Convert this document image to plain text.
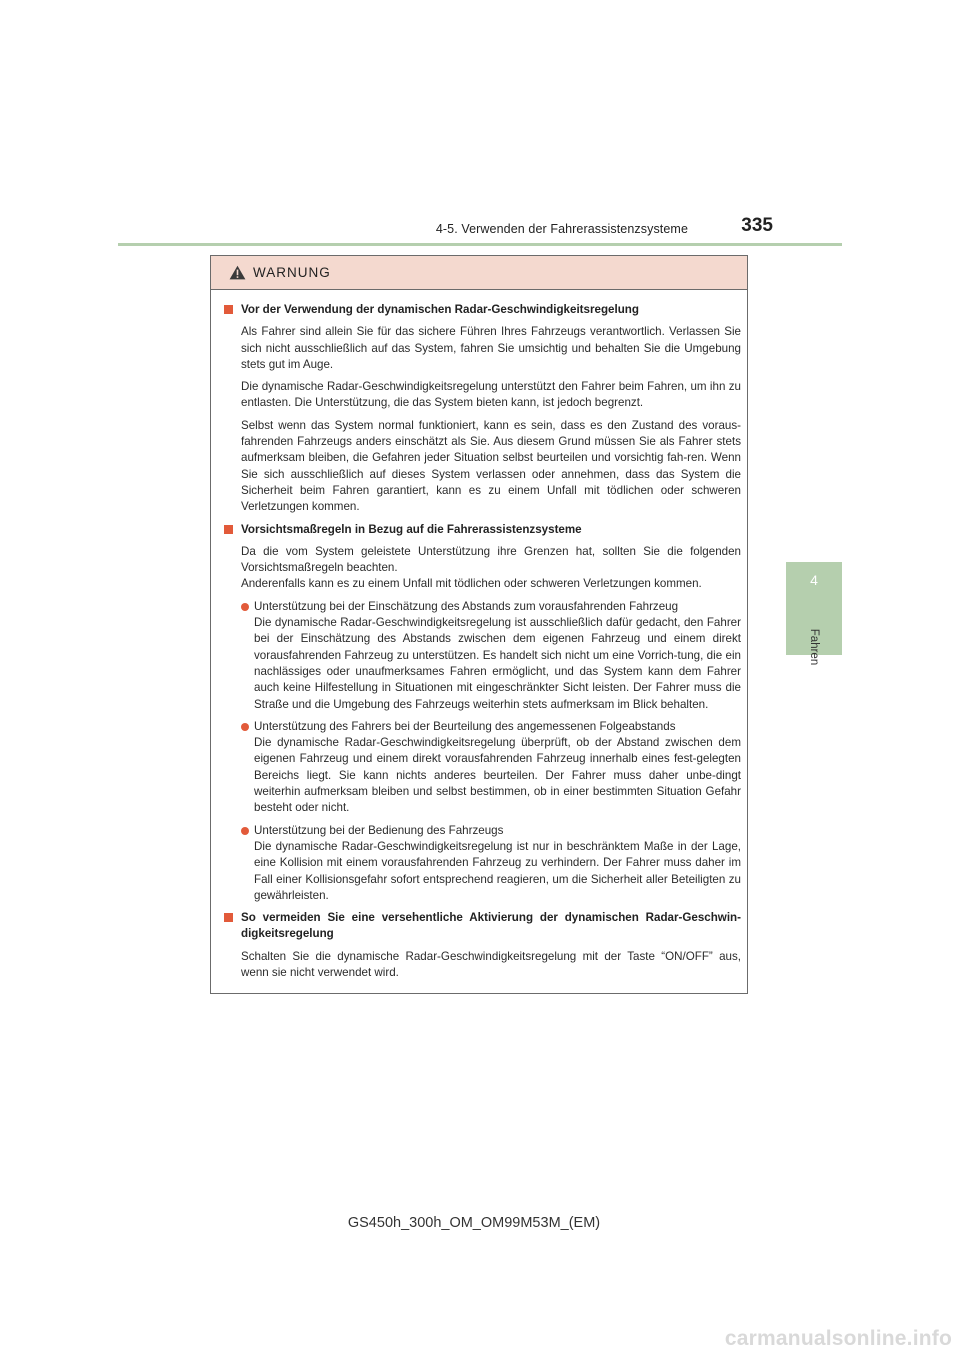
4-5. Verwenden der Fahrerassistenzsysteme	335
4
Fahren
WARNUNG
Vor der Verwendung der dynamischen Radar-Geschwindigkeitsregelung

Als Fahrer sind allein Sie für das sichere Führen Ihres Fahrzeugs verantwortlich. Verlassen Sie sich nicht ausschließlich auf das System, fahren Sie umsichtig und behalten Sie die Umgebung stets gut im Auge.

Die dynamische Radar-Geschwindigkeitsregelung unterstützt den Fahrer beim Fahren, um ihn zu entlasten. Die Unterstützung, die das System bieten kann, ist jedoch begrenzt.

Selbst wenn das System normal funktioniert, kann es sein, dass es den Zustand des voraus-fahrenden Fahrzeugs anders einschätzt als Sie. Aus diesem Grund müssen Sie als Fahrer stets aufmerksam bleiben, die Gefahren jeder Situation selbst beurteilen und vorsichtig fah-ren. Wenn Sie sich ausschließlich auf dieses System verlassen oder annehmen, dass das System die Sicherheit beim Fahren garantiert, kann es zu einem Unfall mit tödlichen oder schweren Verletzungen kommen.

Vorsichtsmaßregeln in Bezug auf die Fahrerassistenzsysteme

Da die vom System geleistete Unterstützung ihre Grenzen hat, sollten Sie die folgenden Vorsichtsmaßregeln beachten.

Anderenfalls kann es zu einem Unfall mit tödlichen oder schweren Verletzungen kommen.

Unterstützung bei der Einschätzung des Abstands zum vorausfahrenden Fahrzeug
Die dynamische Radar-Geschwindigkeitsregelung ist ausschließlich dafür gedacht, den Fahrer bei der Einschätzung des Abstands zwischen dem eigenen Fahrzeug und einem direkt vorausfahrenden Fahrzeug zu unterstützen. Es handelt sich nicht um eine Vorrich-tung, die ein nachlässiges oder unaufmerksames Fahren ermöglicht, und das System kann dem Fahrer auch keine Hilfestellung in Situationen mit eingeschränkter Sicht leisten. Der Fahrer muss die Straße und die Umgebung des Fahrzeugs weiterhin stets aufmerksam im Blick behalten.
Unterstützung des Fahrers bei der Beurteilung des angemessenen Folgeabstands
Die dynamische Radar-Geschwindigkeitsregelung überprüft, ob der Abstand zwischen dem eigenen Fahrzeug und einem direkt vorausfahrenden Fahrzeug innerhalb eines fest-gelegten Bereichs liegt. Sie kann nichts anderes beurteilen. Der Fahrer muss daher unbe-dingt weiterhin aufmerksam bleiben und selbst bestimmen, ob in einer bestimmten Situation Gefahr besteht oder nicht.
Unterstützung bei der Bedienung des Fahrzeugs
Die dynamische Radar-Geschwindigkeitsregelung ist nur in beschränktem Maße in der Lage, eine Kollision mit einem vorausfahrenden Fahrzeug zu verhindern. Der Fahrer muss daher im Fall einer Kollisionsgefahr sofort entsprechend reagieren, um die Sicherheit aller Beteiligten zu gewährleisten.
So vermeiden Sie eine versehentliche Aktivierung der dynamischen Radar-Geschwin-digkeitsregelung

Schalten Sie die dynamische Radar-Geschwindigkeitsregelung mit der Taste “ON/OFF” aus, wenn sie nicht verwendet wird.

GS450h_300h_OM_OM99M53M_(EM)
carmanualsonline.info
